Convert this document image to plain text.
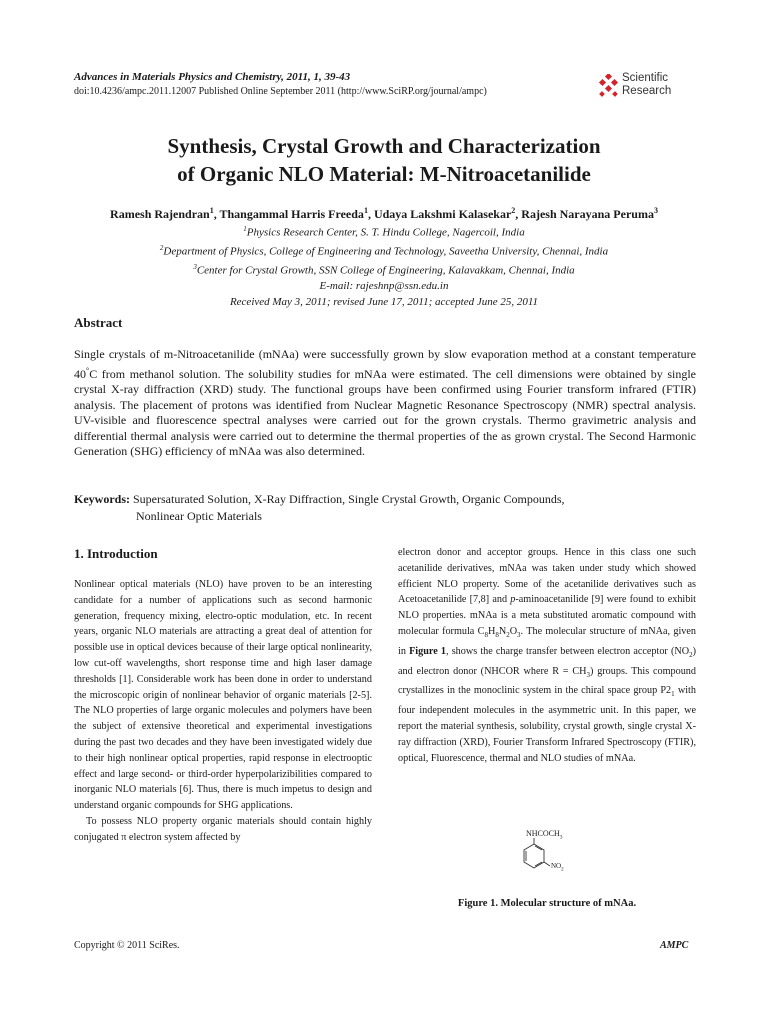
Advances in Materials Physics and Chemistry, 2011, 1, 39-43
doi:10.4236/ampc.2011.12007 Published Online September 2011 (http://www.SciRP.org/journal/ampc)
Scientific
Research
Synthesis, Crystal Growth and Characterization
of Organic NLO Material: M-Nitroacetanilide
Ramesh Rajendran$^1$, Thangammal Harris Freeda$^1$, Udaya Lakshmi Kalasekar$^2$, Rajesh Narayana Peruma$^3$
$^1$Physics Research Center, S. T. Hindu College, Nagercoil, India
$^2$Department of Physics, College of Engineering and Technology, Saveetha University, Chennai, India
$^3$Center for Crystal Growth, SSN College of Engineering, Kalavakkam, Chennai, India
E-mail: rajeshnp@ssn.edu.in
Received May 3, 2011; revised June 17, 2011; accepted June 25, 2011
Abstract
Single crystals of m-Nitroacetanilide (mNAa) were successfully grown by slow evaporation method at a constant temperature 40°C from methanol solution. The solubility studies for mNAa were estimated. The cell dimensions were obtained by single crystal X-ray diffraction (XRD) study. The functional groups have been confirmed using Fourier transform infrared (FTIR) analysis. The placement of protons was identified from Nuclear Magnetic Resonance Spectroscopy (NMR) spectral analysis. UV-visible and fluorescence spectral analyses were carried out for the grown crystals. Thermo gravimetric analysis and differential thermal analysis were carried out to determine the thermal properties of the as grown crystal. The Second Harmonic Generation (SHG) efficiency of mNAa was also determined.
Keywords: Supersaturated Solution, X-Ray Diffraction, Single Crystal Growth, Organic Compounds,
Nonlinear Optic Materials
1. Introduction

Nonlinear optical materials (NLO) have proven to be an interesting candidate for a number of applications such as second harmonic generation, frequency mixing, electro-optic modulation, etc. In recent years, organic NLO materials are attracting a great deal of attention for possible use in optical devices because of their large optical nonlinearity, low cut-off wavelengths, short response time and high laser damage thresholds [1]. Considerable work has been done in order to understand the microscopic origin of nonlinear behavior of organic materials [2-5]. The NLO properties of large organic molecules and polymers have been the subject of extensive theoretical and experimental investigations during the past two decades and they have been investigated widely due to their high nonlinear optical properties, rapid response in electrooptic effect and large second- or third-order hyperpolarizibilities compared to inorganic NLO materials [6]. Thus, there is much impetus to design and understand organic compounds for SHG applications.

To possess NLO property organic materials should contain highly conjugated π electron system affected by

electron donor and acceptor groups. Hence in this class one such acetanilide derivatives, mNAa was taken under study which showed efficient NLO property. Some of the acetanilide derivatives such as Acetoacetanilide [7,8] and p-aminoacetanilide [9] were found to exhibit NLO properties. mNAa is a meta substituted aromatic compound with molecular formula $C_8H_8N_2O_3$. The molecular structure of mNAa, given in Figure 1, shows the charge transfer between electron acceptor $(NO_2)$ and electron donor (NHCOR where $R = CH_3$) groups. This compound crystallizes in the monoclinic system in the chiral space group $P2_1$ with four independent molecules in the asymmetric unit. In this paper, we report the material synthesis, solubility, crystal growth, single crystal X-ray diffraction (XRD), Fourier Transform Infrared Spectroscopy (FTIR), optical, Fluorescence, thermal and NLO studies of mNAa.

$NHCOCH_3$
$NO_2$
Figure 1. Molecular structure of mNAa.
Copyright © 2011 SciRes.	AMPC
